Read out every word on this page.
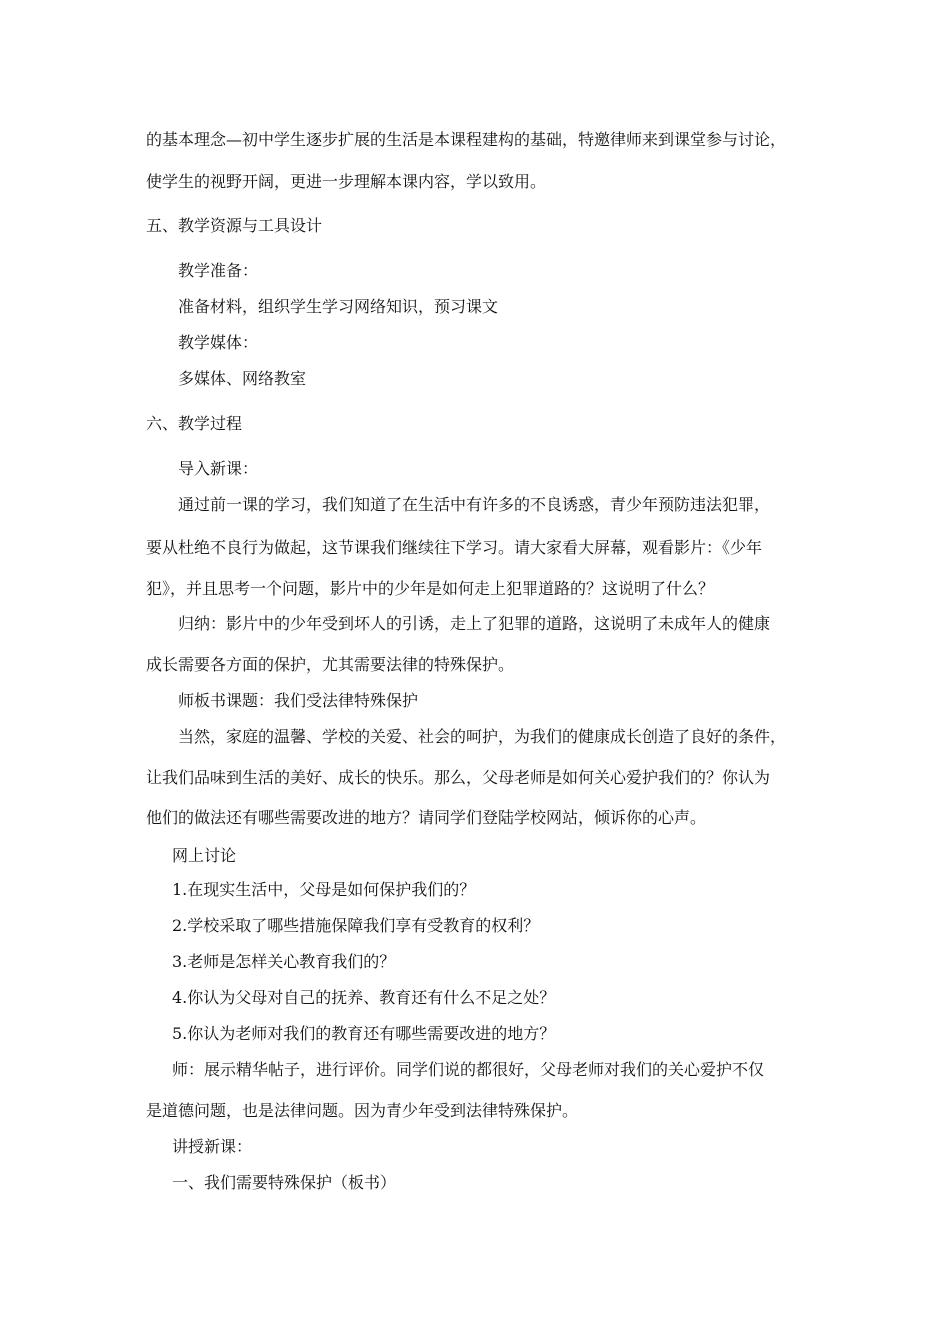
的基本理念—初中学生逐步扩展的生活是本课程建构的基础，特邀律师来到课堂参与讨论，
使学生的视野开阔，更进一步理解本课内容，学以致用。
五、教学资源与工具设计
教学准备：
准备材料，组织学生学习网络知识，预习课文
教学媒体：
多媒体、网络教室
六、教学过程
导入新课：
通过前一课的学习，我们知道了在生活中有许多的不良诱惑，青少年预防违法犯罪，
要从杜绝不良行为做起，这节课我们继续往下学习。请大家看大屏幕，观看影片：《少年
犯》，并且思考一个问题，影片中的少年是如何走上犯罪道路的？这说明了什么？
归纳：影片中的少年受到坏人的引诱，走上了犯罪的道路，这说明了未成年人的健康
成长需要各方面的保护，尤其需要法律的特殊保护。
师板书课题：我们受法律特殊保护
当然，家庭的温馨、学校的关爱、社会的呵护，为我们的健康成长创造了良好的条件，
让我们品味到生活的美好、成长的快乐。那么，父母老师是如何关心爱护我们的？你认为
他们的做法还有哪些需要改进的地方？请同学们登陆学校网站，倾诉你的心声。
网上讨论
1.在现实生活中，父母是如何保护我们的？
2.学校采取了哪些措施保障我们享有受教育的权利？
3.老师是怎样关心教育我们的？
4.你认为父母对自己的抚养、教育还有什么不足之处？
5.你认为老师对我们的教育还有哪些需要改进的地方？
师：展示精华帖子，进行评价。同学们说的都很好，父母老师对我们的关心爱护不仅
是道德问题，也是法律问题。因为青少年受到法律特殊保护。
讲授新课：
一、我们需要特殊保护（板书）
